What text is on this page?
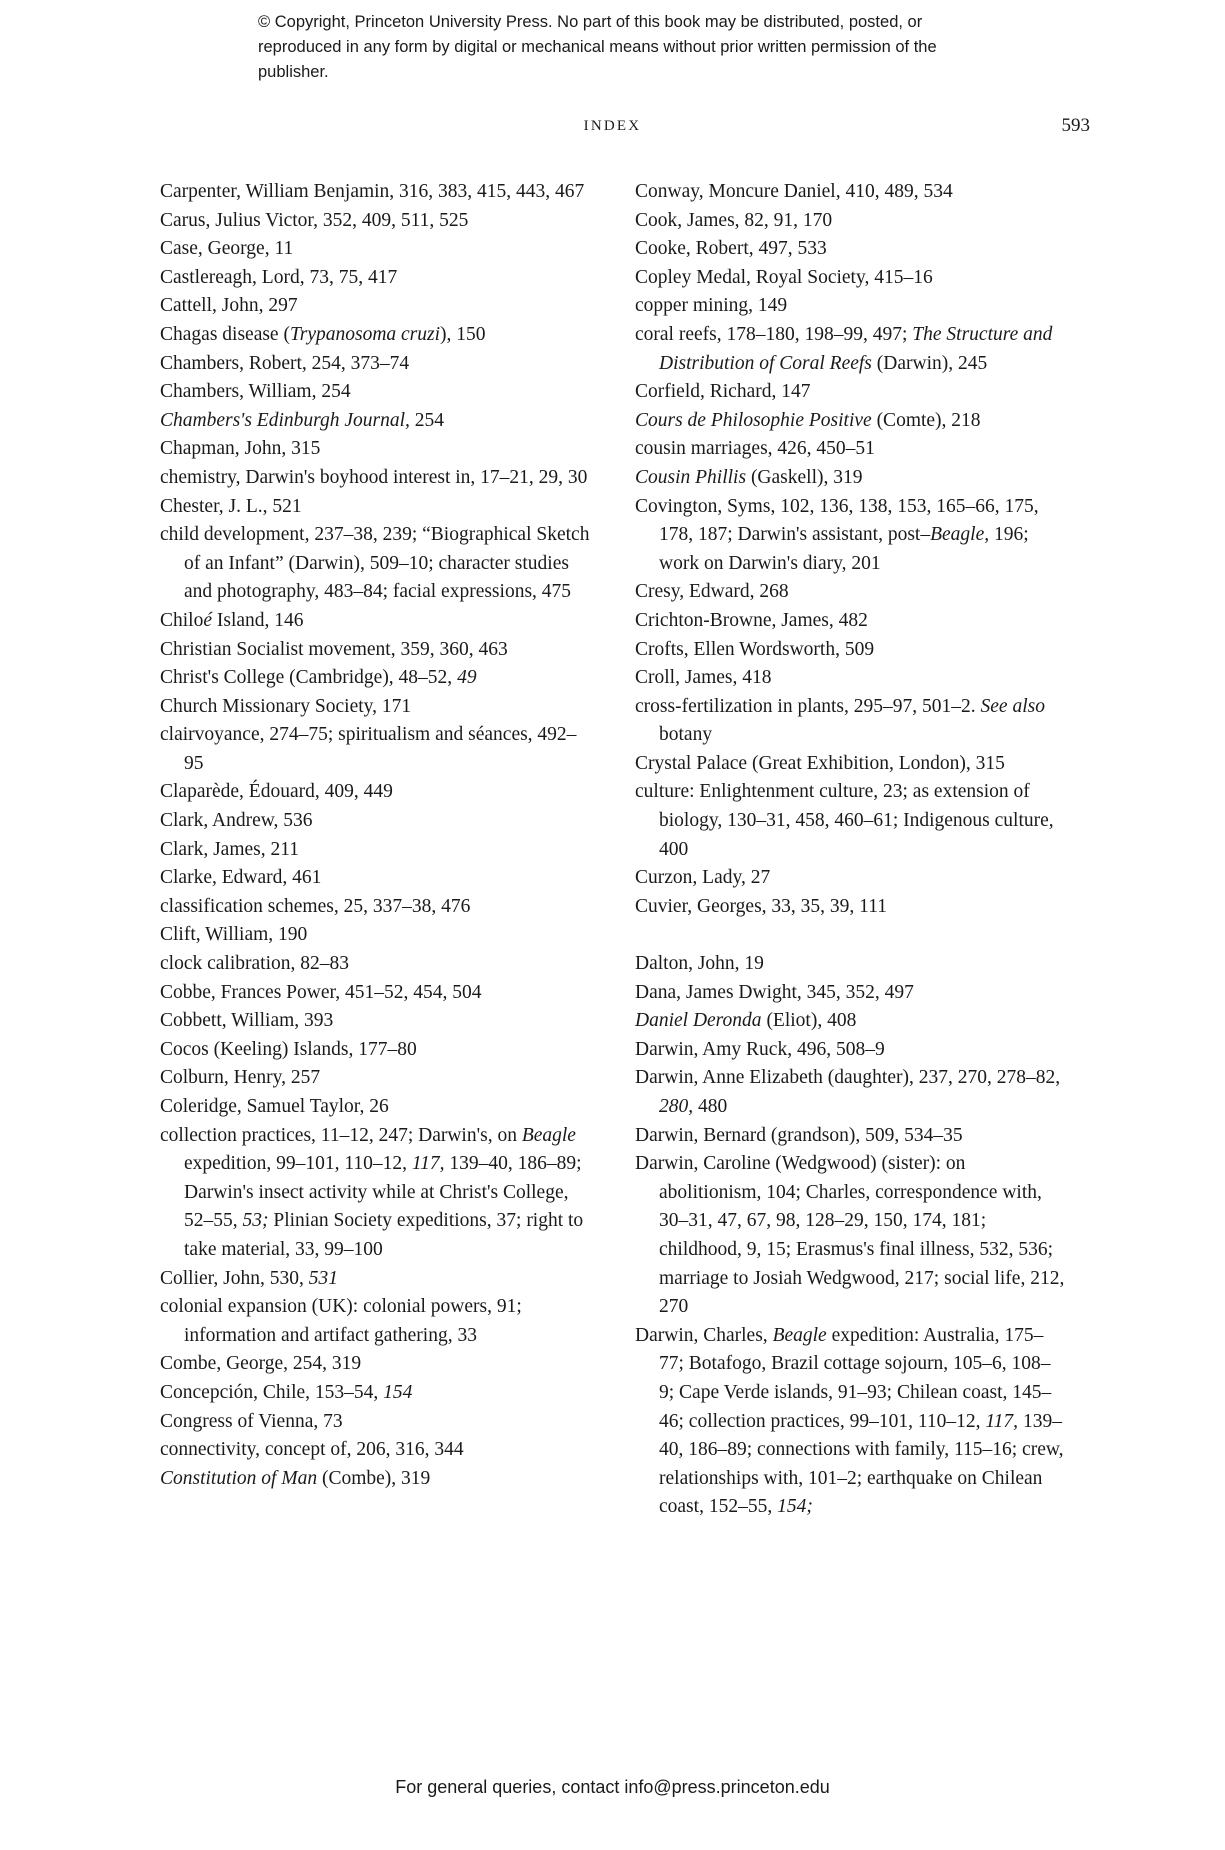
© Copyright, Princeton University Press. No part of this book may be distributed, posted, or reproduced in any form by digital or mechanical means without prior written permission of the publisher.
INDEX	593

Carpenter, William Benjamin, 316, 383, 415, 443, 467

Carus, Julius Victor, 352, 409, 511, 525

Case, George, 11

Castlereagh, Lord, 73, 75, 417

Cattell, John, 297

Chagas disease (Trypanosoma cruzi), 150

Chambers, Robert, 254, 373–74

Chambers, William, 254

Chambers's Edinburgh Journal, 254

Chapman, John, 315

chemistry, Darwin's boyhood interest in, 17–21, 29, 30

Chester, J. L., 521

child development, 237–38, 239; “Biographical Sketch of an Infant” (Darwin), 509–10; character studies and photography, 483–84; facial expressions, 475

Chiloé Island, 146

Christian Socialist movement, 359, 360, 463

Christ's College (Cambridge), 48–52, 49

Church Missionary Society, 171

clairvoyance, 274–75; spiritualism and séances, 492–95

Claparède, Édouard, 409, 449

Clark, Andrew, 536

Clark, James, 211

Clarke, Edward, 461

classification schemes, 25, 337–38, 476

Clift, William, 190

clock calibration, 82–83

Cobbe, Frances Power, 451–52, 454, 504

Cobbett, William, 393

Cocos (Keeling) Islands, 177–80

Colburn, Henry, 257

Coleridge, Samuel Taylor, 26

collection practices, 11–12, 247; Darwin's, on Beagle expedition, 99–101, 110–12, 117, 139–40, 186–89; Darwin's insect activity while at Christ's College, 52–55, 53; Plinian Society expeditions, 37; right to take material, 33, 99–100

Collier, John, 530, 531

colonial expansion (UK): colonial powers, 91; information and artifact gathering, 33

Combe, George, 254, 319

Concepción, Chile, 153–54, 154

Congress of Vienna, 73

connectivity, concept of, 206, 316, 344

Constitution of Man (Combe), 319

Conway, Moncure Daniel, 410, 489, 534

Cook, James, 82, 91, 170

Cooke, Robert, 497, 533

Copley Medal, Royal Society, 415–16

copper mining, 149

coral reefs, 178–180, 198–99, 497; The Structure and Distribution of Coral Reefs (Darwin), 245

Corfield, Richard, 147

Cours de Philosophie Positive (Comte), 218

cousin marriages, 426, 450–51

Cousin Phillis (Gaskell), 319

Covington, Syms, 102, 136, 138, 153, 165–66, 175, 178, 187; Darwin's assistant, post–Beagle, 196; work on Darwin's diary, 201

Cresy, Edward, 268

Crichton-Browne, James, 482

Crofts, Ellen Wordsworth, 509

Croll, James, 418

cross-fertilization in plants, 295–97, 501–2. See also botany

Crystal Palace (Great Exhibition, London), 315

culture: Enlightenment culture, 23; as extension of biology, 130–31, 458, 460–61; Indigenous culture, 400

Curzon, Lady, 27

Cuvier, Georges, 33, 35, 39, 111

Dalton, John, 19

Dana, James Dwight, 345, 352, 497

Daniel Deronda (Eliot), 408

Darwin, Amy Ruck, 496, 508–9

Darwin, Anne Elizabeth (daughter), 237, 270, 278–82, 280, 480

Darwin, Bernard (grandson), 509, 534–35

Darwin, Caroline (Wedgwood) (sister): on abolitionism, 104; Charles, correspondence with, 30–31, 47, 67, 98, 128–29, 150, 174, 181; childhood, 9, 15; Erasmus's final illness, 532, 536; marriage to Josiah Wedgwood, 217; social life, 212, 270

Darwin, Charles, Beagle expedition: Australia, 175–77; Botafogo, Brazil cottage sojourn, 105–6, 108–9; Cape Verde islands, 91–93; Chilean coast, 145–46; collection practices, 99–101, 110–12, 117, 139–40, 186–89; connections with family, 115–16; crew, relationships with, 101–2; earthquake on Chilean coast, 152–55, 154;

For general queries, contact info@press.princeton.edu
